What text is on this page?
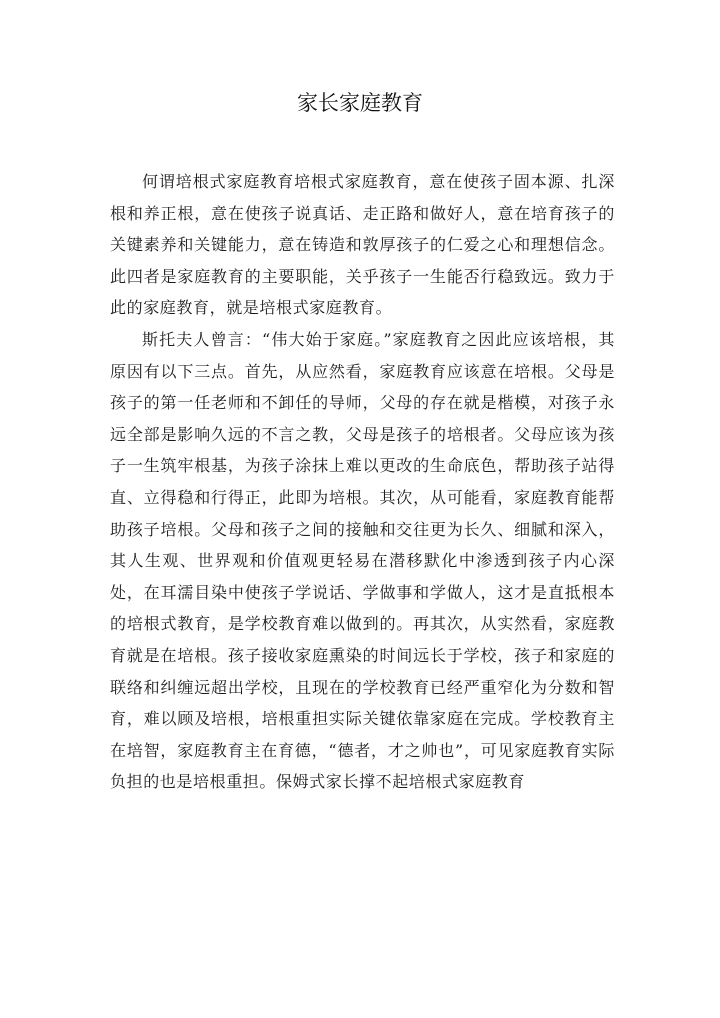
家长家庭教育

何谓培根式家庭教育培根式家庭教育，意在使孩子固本源、扎深根和养正根，意在使孩子说真话、走正路和做好人，意在培育孩子的关键素养和关键能力，意在铸造和敦厚孩子的仁爱之心和理想信念。此四者是家庭教育的主要职能，关乎孩子一生能否行稳致远。致力于此的家庭教育，就是培根式家庭教育。

斯托夫人曾言：“伟大始于家庭。”家庭教育之因此应该培根，其原因有以下三点。首先，从应然看，家庭教育应该意在培根。父母是孩子的第一任老师和不卸任的导师，父母的存在就是楷模，对孩子永远全部是影响久远的不言之教，父母是孩子的培根者。父母应该为孩子一生筑牢根基，为孩子涂抹上难以更改的生命底色，帮助孩子站得直、立得稳和行得正，此即为培根。其次，从可能看，家庭教育能帮助孩子培根。父母和孩子之间的接触和交往更为长久、细腻和深入，其人生观、世界观和价值观更轻易在潜移默化中渗透到孩子内心深处，在耳濡目染中使孩子学说话、学做事和学做人，这才是直抵根本的培根式教育，是学校教育难以做到的。再其次，从实然看，家庭教育就是在培根。孩子接收家庭熏染的时间远长于学校，孩子和家庭的联络和纠缠远超出学校，且现在的学校教育已经严重窄化为分数和智育，难以顾及培根，培根重担实际关键依靠家庭在完成。学校教育主在培智，家庭教育主在育德，“德者，才之帅也”，可见家庭教育实际负担的也是培根重担。保姆式家长撑不起培根式家庭教育
